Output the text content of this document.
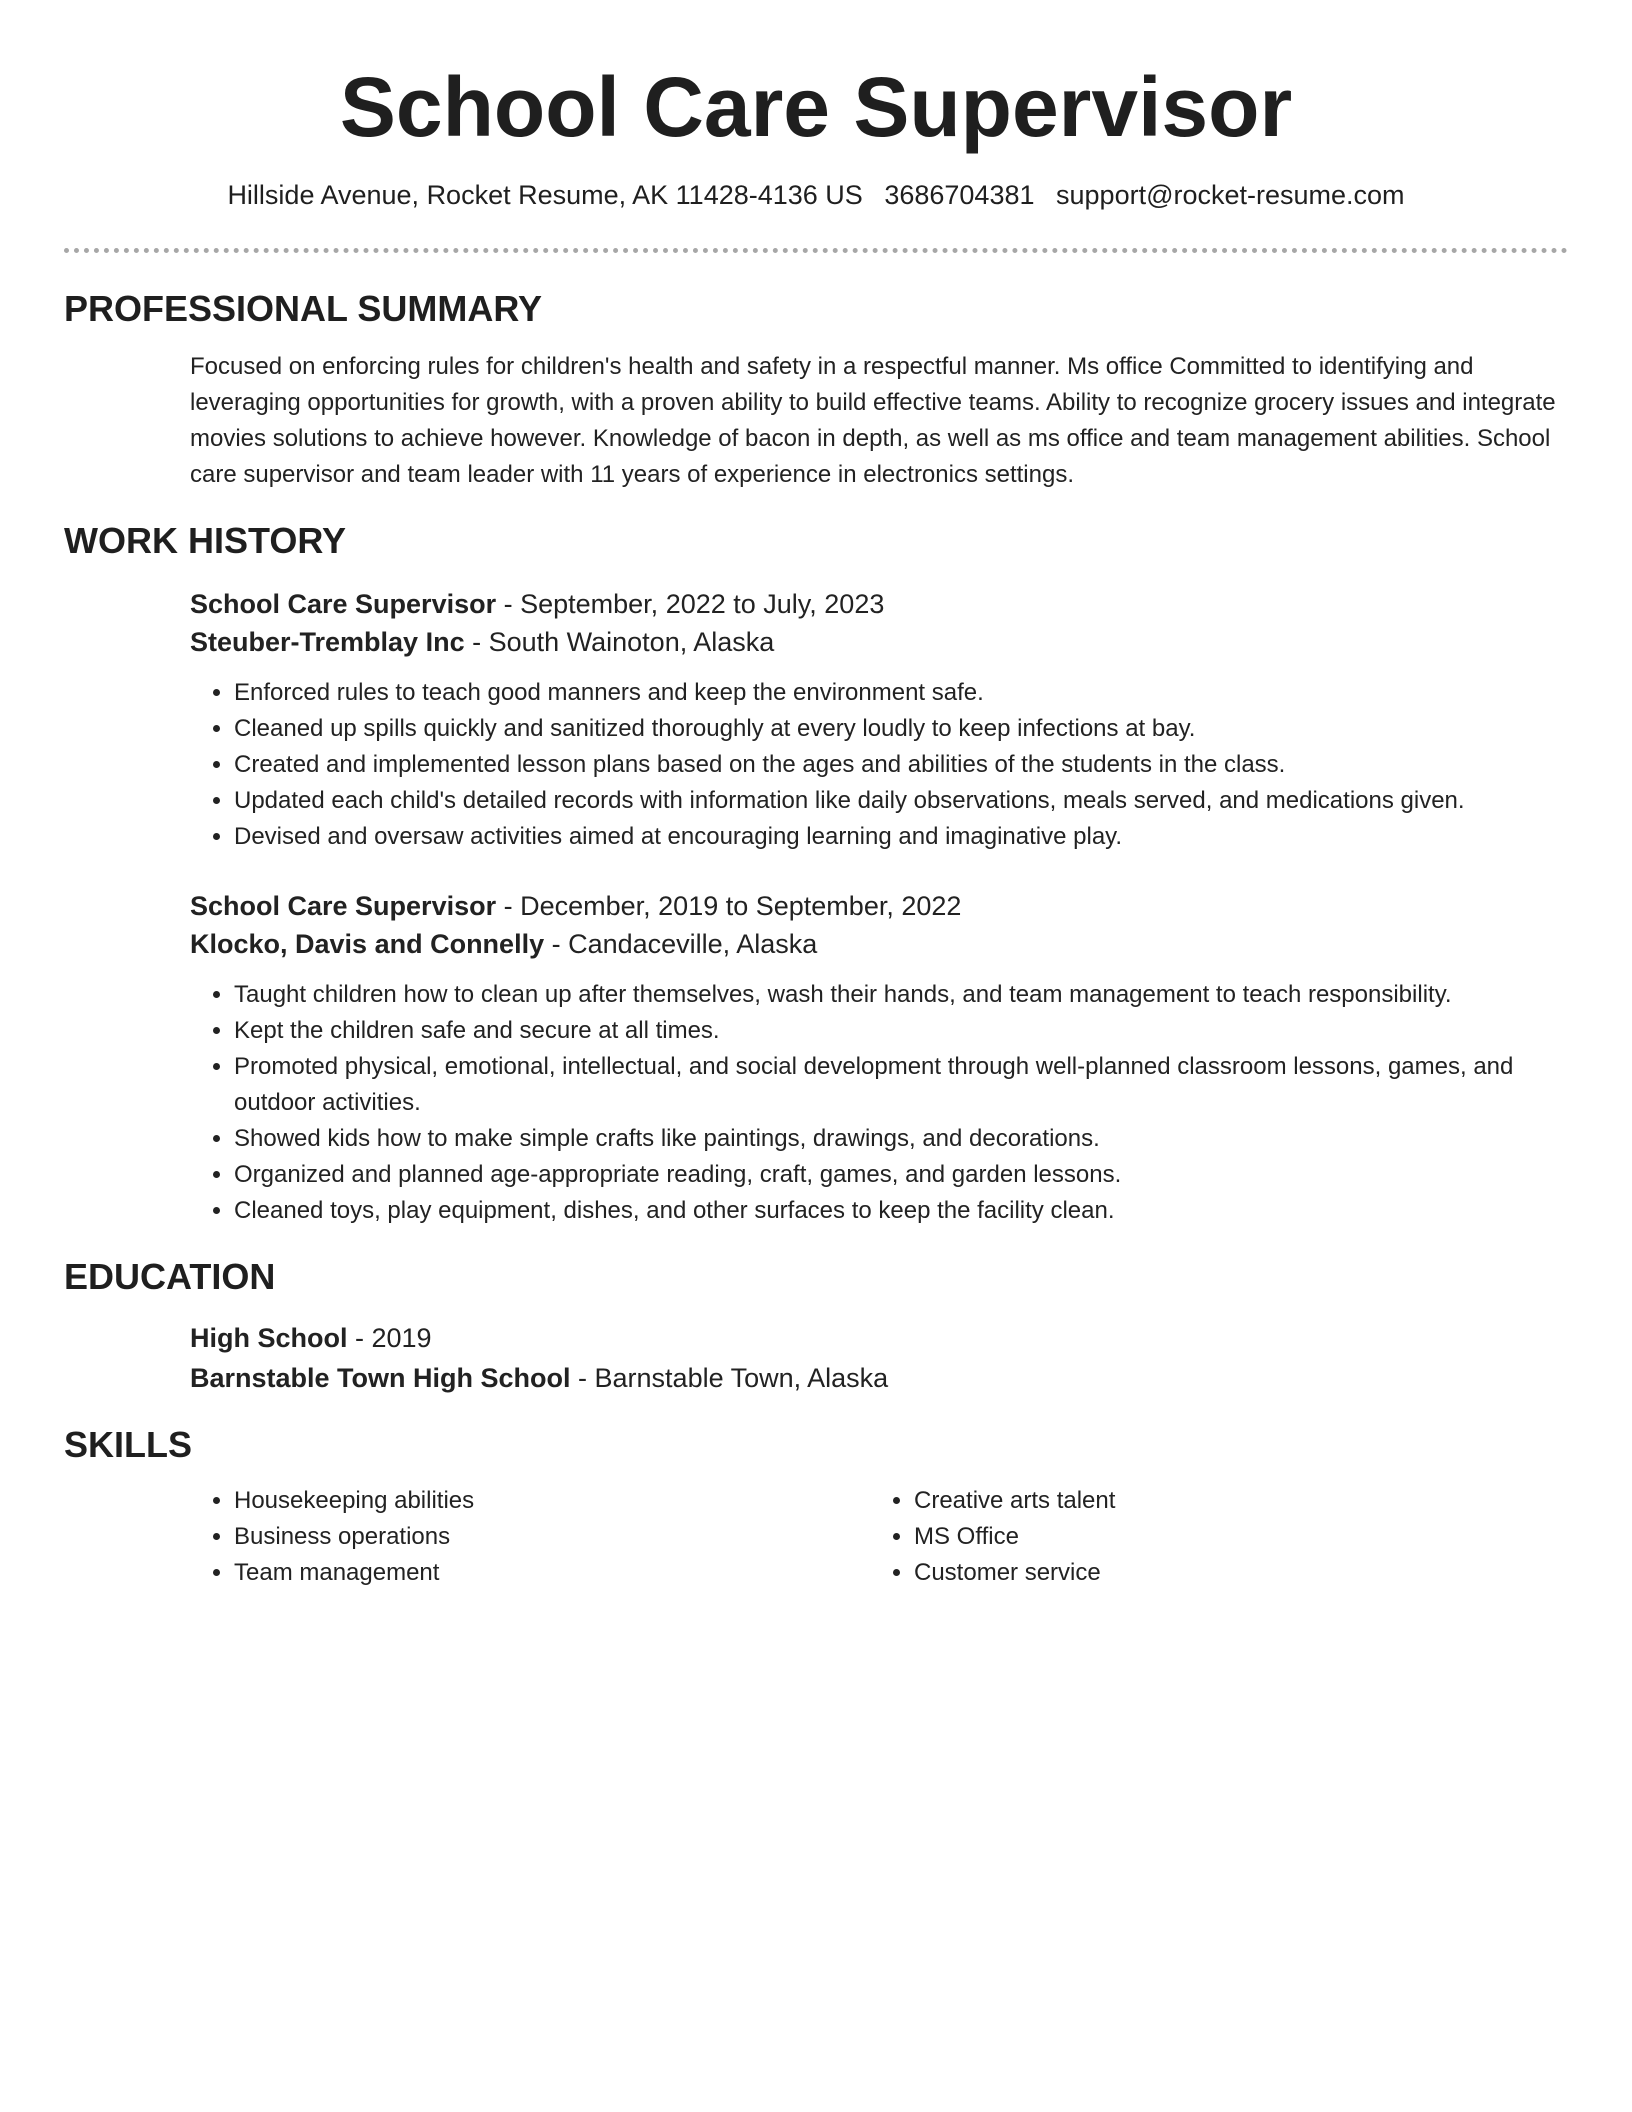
School Care Supervisor
Hillside Avenue, Rocket Resume, AK 11428-4136 US 3686704381 support@rocket-resume.com
PROFESSIONAL SUMMARY
Focused on enforcing rules for children's health and safety in a respectful manner. Ms office Committed to identifying and leveraging opportunities for growth, with a proven ability to build effective teams. Ability to recognize grocery issues and integrate movies solutions to achieve however. Knowledge of bacon in depth, as well as ms office and team management abilities. School care supervisor and team leader with 11 years of experience in electronics settings.
WORK HISTORY
School Care Supervisor - September, 2022 to July, 2023
Steuber-Tremblay Inc - South Wainoton, Alaska
• Enforced rules to teach good manners and keep the environment safe.
• Cleaned up spills quickly and sanitized thoroughly at every loudly to keep infections at bay.
• Created and implemented lesson plans based on the ages and abilities of the students in the class.
• Updated each child's detailed records with information like daily observations, meals served, and medications given.
• Devised and oversaw activities aimed at encouraging learning and imaginative play.
School Care Supervisor - December, 2019 to September, 2022
Klocko, Davis and Connelly - Candaceville, Alaska
• Taught children how to clean up after themselves, wash their hands, and team management to teach responsibility.
• Kept the children safe and secure at all times.
• Promoted physical, emotional, intellectual, and social development through well-planned classroom lessons, games, and outdoor activities.
• Showed kids how to make simple crafts like paintings, drawings, and decorations.
• Organized and planned age-appropriate reading, craft, games, and garden lessons.
• Cleaned toys, play equipment, dishes, and other surfaces to keep the facility clean.
EDUCATION
High School - 2019
Barnstable Town High School - Barnstable Town, Alaska
SKILLS
• Housekeeping abilities
• Business operations
• Team management
• Creative arts talent
• MS Office
• Customer service
